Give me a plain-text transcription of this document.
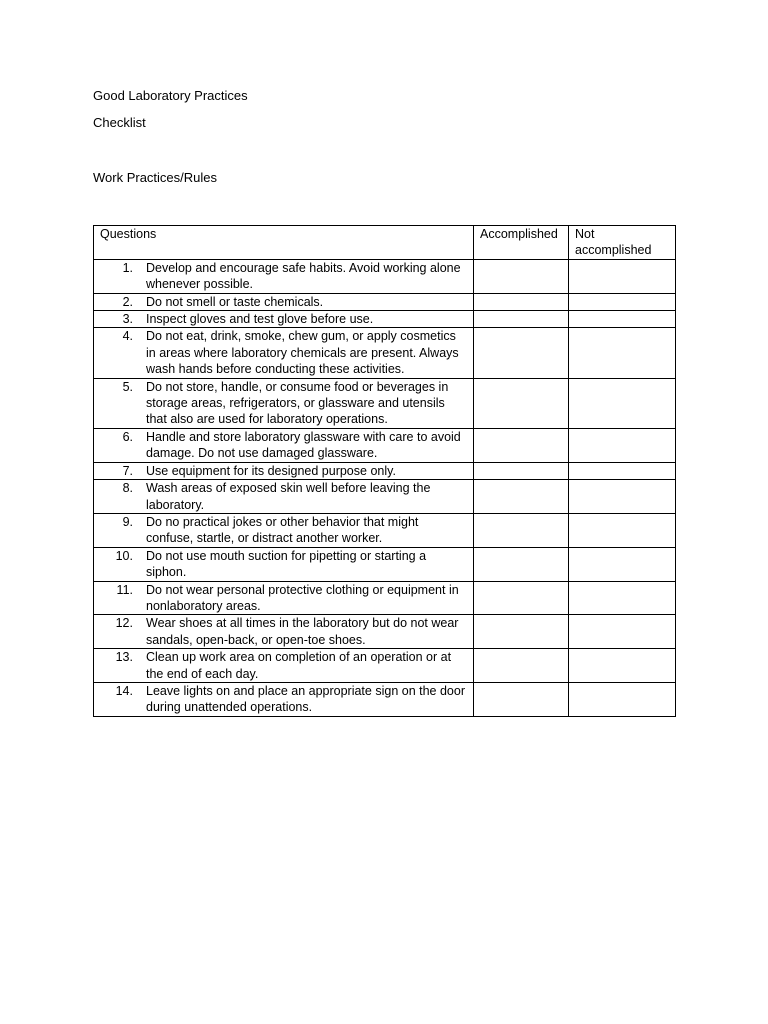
Good Laboratory Practices

Checklist

Work Practices/Rules

Questions	Accomplished	Not accomplished

1. Develop and encourage safe habits. Avoid working alone whenever possible.		

2. Do not smell or taste chemicals.		

3. Inspect gloves and test glove before use.		

4. Do not eat, drink, smoke, chew gum, or apply cosmetics in areas where laboratory chemicals are present. Always wash hands before conducting these activities.		

5. Do not store, handle, or consume food or beverages in storage areas, refrigerators, or glassware and utensils that also are used for laboratory operations.		

6. Handle and store laboratory glassware with care to avoid damage. Do not use damaged glassware.		

7. Use equipment for its designed purpose only.		

8. Wash areas of exposed skin well before leaving the laboratory.		

9. Do no practical jokes or other behavior that might confuse, startle, or distract another worker.		

10. Do not use mouth suction for pipetting or starting a siphon.		

11. Do not wear personal protective clothing or equipment in nonlaboratory areas.		

12. Wear shoes at all times in the laboratory but do not wear sandals, open-back, or open-toe shoes.		

13. Clean up work area on completion of an operation or at the end of each day.		

14. Leave lights on and place an appropriate sign on the door during unattended operations.		
